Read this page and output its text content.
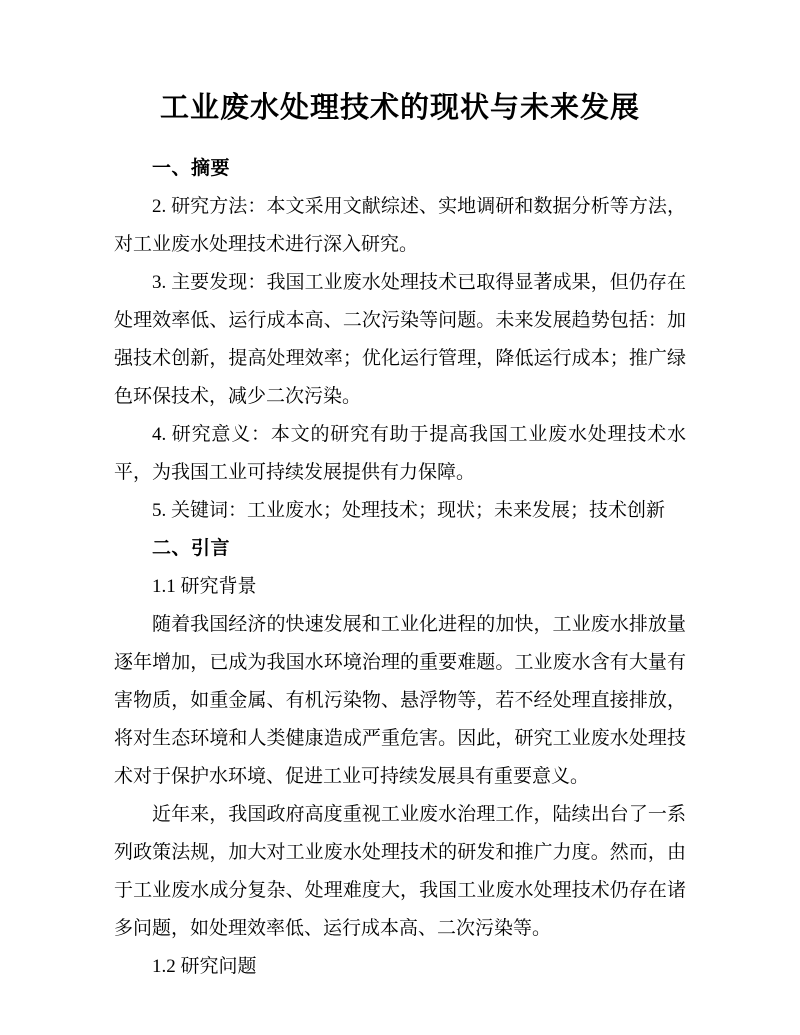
工业废水处理技术的现状与未来发展

一、摘要

2. 研究方法：本文采用文献综述、实地调研和数据分析等方法，对工业废水处理技术进行深入研究。

3. 主要发现：我国工业废水处理技术已取得显著成果，但仍存在处理效率低、运行成本高、二次污染等问题。未来发展趋势包括：加强技术创新，提高处理效率；优化运行管理，降低运行成本；推广绿色环保技术，减少二次污染。

4. 研究意义：本文的研究有助于提高我国工业废水处理技术水平，为我国工业可持续发展提供有力保障。

5. 关键词：工业废水；处理技术；现状；未来发展；技术创新

二、引言

1.1 研究背景

随着我国经济的快速发展和工业化进程的加快，工业废水排放量逐年增加，已成为我国水环境治理的重要难题。工业废水含有大量有害物质，如重金属、有机污染物、悬浮物等，若不经处理直接排放，将对生态环境和人类健康造成严重危害。因此，研究工业废水处理技术对于保护水环境、促进工业可持续发展具有重要意义。

近年来，我国政府高度重视工业废水治理工作，陆续出台了一系列政策法规，加大对工业废水处理技术的研发和推广力度。然而，由于工业废水成分复杂、处理难度大，我国工业废水处理技术仍存在诸多问题，如处理效率低、运行成本高、二次污染等。

1.2 研究问题
